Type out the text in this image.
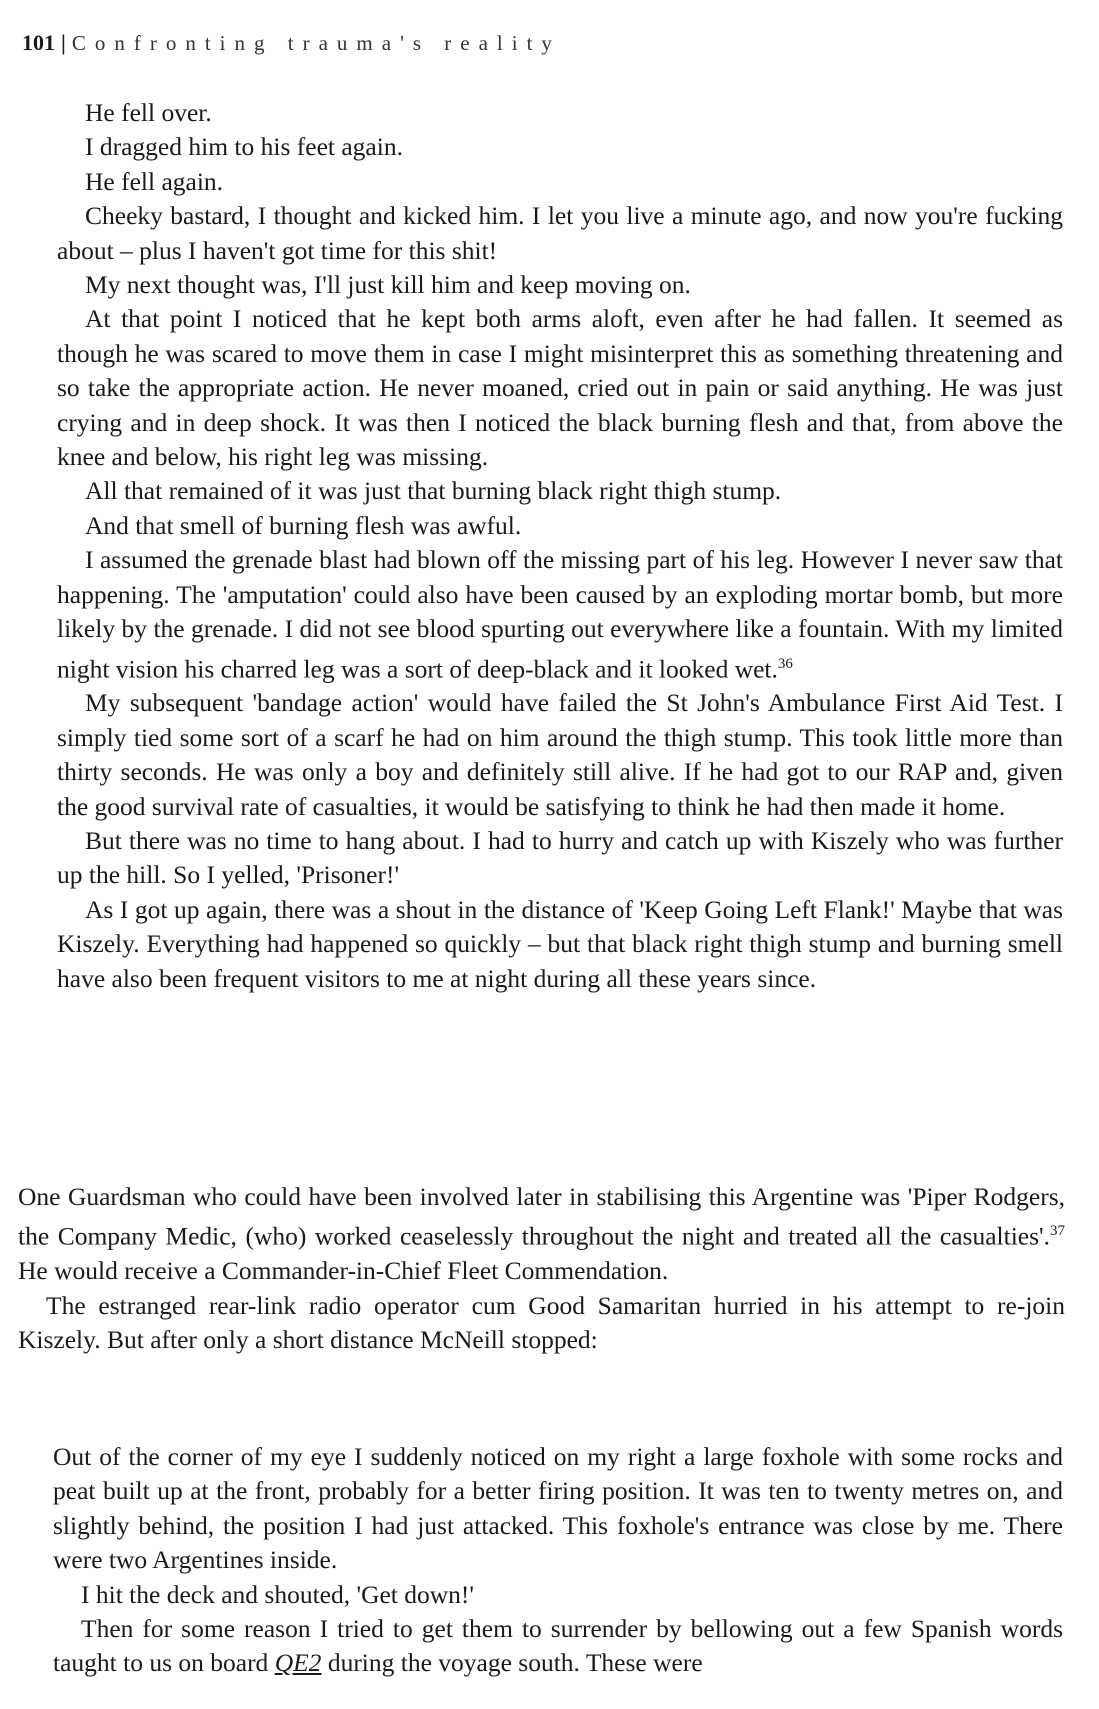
101 | Confronting trauma's reality

He fell over.

I dragged him to his feet again.

He fell again.

Cheeky bastard, I thought and kicked him. I let you live a minute ago, and now you're fucking about – plus I haven't got time for this shit!

My next thought was, I'll just kill him and keep moving on.

At that point I noticed that he kept both arms aloft, even after he had fallen. It seemed as though he was scared to move them in case I might misinterpret this as something threatening and so take the appropriate action. He never moaned, cried out in pain or said anything. He was just crying and in deep shock. It was then I noticed the black burning flesh and that, from above the knee and below, his right leg was missing.

All that remained of it was just that burning black right thigh stump.

And that smell of burning flesh was awful.

I assumed the grenade blast had blown off the missing part of his leg. However I never saw that happening. The 'amputation' could also have been caused by an exploding mortar bomb, but more likely by the grenade. I did not see blood spurting out everywhere like a fountain. With my limited night vision his charred leg was a sort of deep-black and it looked wet.$^{36}$

My subsequent 'bandage action' would have failed the St John's Ambulance First Aid Test. I simply tied some sort of a scarf he had on him around the thigh stump. This took little more than thirty seconds. He was only a boy and definitely still alive. If he had got to our RAP and, given the good survival rate of casualties, it would be satisfying to think he had then made it home.

But there was no time to hang about. I had to hurry and catch up with Kiszely who was further up the hill. So I yelled, 'Prisoner!'

As I got up again, there was a shout in the distance of 'Keep Going Left Flank!' Maybe that was Kiszely. Everything had happened so quickly – but that black right thigh stump and burning smell have also been frequent visitors to me at night during all these years since.

One Guardsman who could have been involved later in stabilising this Argentine was 'Piper Rodgers, the Company Medic, (who) worked ceaselessly throughout the night and treated all the casualties'.$^{37}$ He would receive a Commander-in-Chief Fleet Commendation.

The estranged rear-link radio operator cum Good Samaritan hurried in his attempt to re-join Kiszely. But after only a short distance McNeill stopped:

Out of the corner of my eye I suddenly noticed on my right a large foxhole with some rocks and peat built up at the front, probably for a better firing position. It was ten to twenty metres on, and slightly behind, the position I had just attacked. This foxhole's entrance was close by me. There were two Argentines inside.

I hit the deck and shouted, 'Get down!'

Then for some reason I tried to get them to surrender by bellowing out a few Spanish words taught to us on board QE2 during the voyage south. These were
